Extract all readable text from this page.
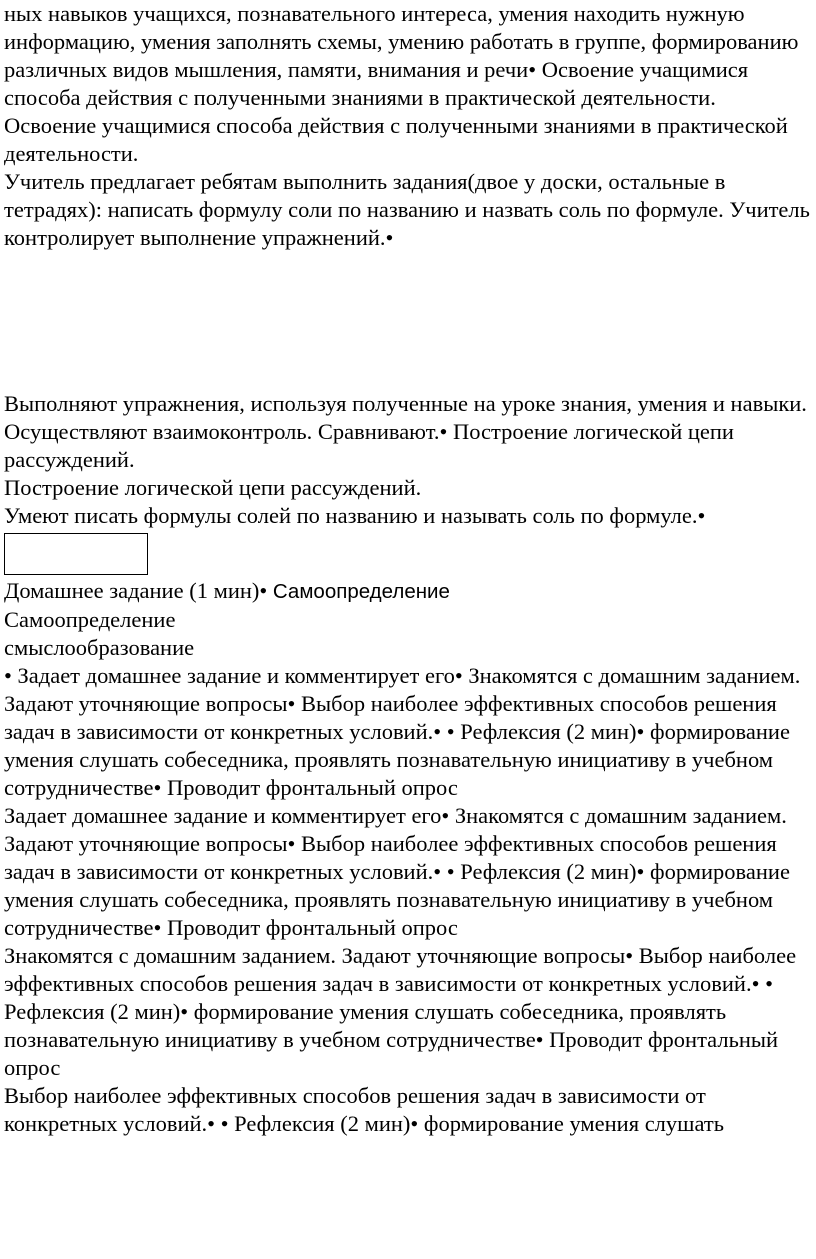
ных навыков учащихся, познавательного интереса, умения находить нужную информацию, умения заполнять схемы, умению работать в группе, формированию различных видов мышления, памяти, внимания и речи• Освоение учащимися способа действия с полученными знаниями в практической деятельности.

Освоение учащимися способа действия с полученными знаниями в практической деятельности.

Учитель предлагает ребятам выполнить задания(двое у доски, остальные в тетрадях): написать формулу соли по названию и назвать соль по формуле. Учитель контролирует выполнение упражнений.•

Выполняют упражнения, используя полученные на уроке знания, умения и навыки. Осуществляют взаимоконтроль. Сравнивают.• Построение логической цепи рассуждений.

Построение логической цепи рассуждений.

Умеют писать формулы солей по названию и называть соль по формуле.•

Домашнее задание (1 мин)• Самоопределение

Самоопределение

смыслообразование

• Задает домашнее задание и комментирует его• Знакомятся с домашним заданием. Задают уточняющие вопросы• Выбор наиболее эффективных способов решения задач в зависимости от конкретных условий.• • Рефлексия (2 мин)• формирование умения слушать собеседника, проявлять познавательную инициативу в учебном сотрудничестве• Проводит фронтальный опрос

Задает домашнее задание и комментирует его• Знакомятся с домашним заданием. Задают уточняющие вопросы• Выбор наиболее эффективных способов решения задач в зависимости от конкретных условий.• • Рефлексия (2 мин)• формирование умения слушать собеседника, проявлять познавательную инициативу в учебном сотрудничестве• Проводит фронтальный опрос

Знакомятся с домашним заданием. Задают уточняющие вопросы• Выбор наиболее эффективных способов решения задач в зависимости от конкретных условий.• • Рефлексия (2 мин)• формирование умения слушать собеседника, проявлять познавательную инициативу в учебном сотрудничестве• Проводит фронтальный опрос

Выбор наиболее эффективных способов решения задач в зависимости от конкретных условий.• • Рефлексия (2 мин)• формирование умения слушать
